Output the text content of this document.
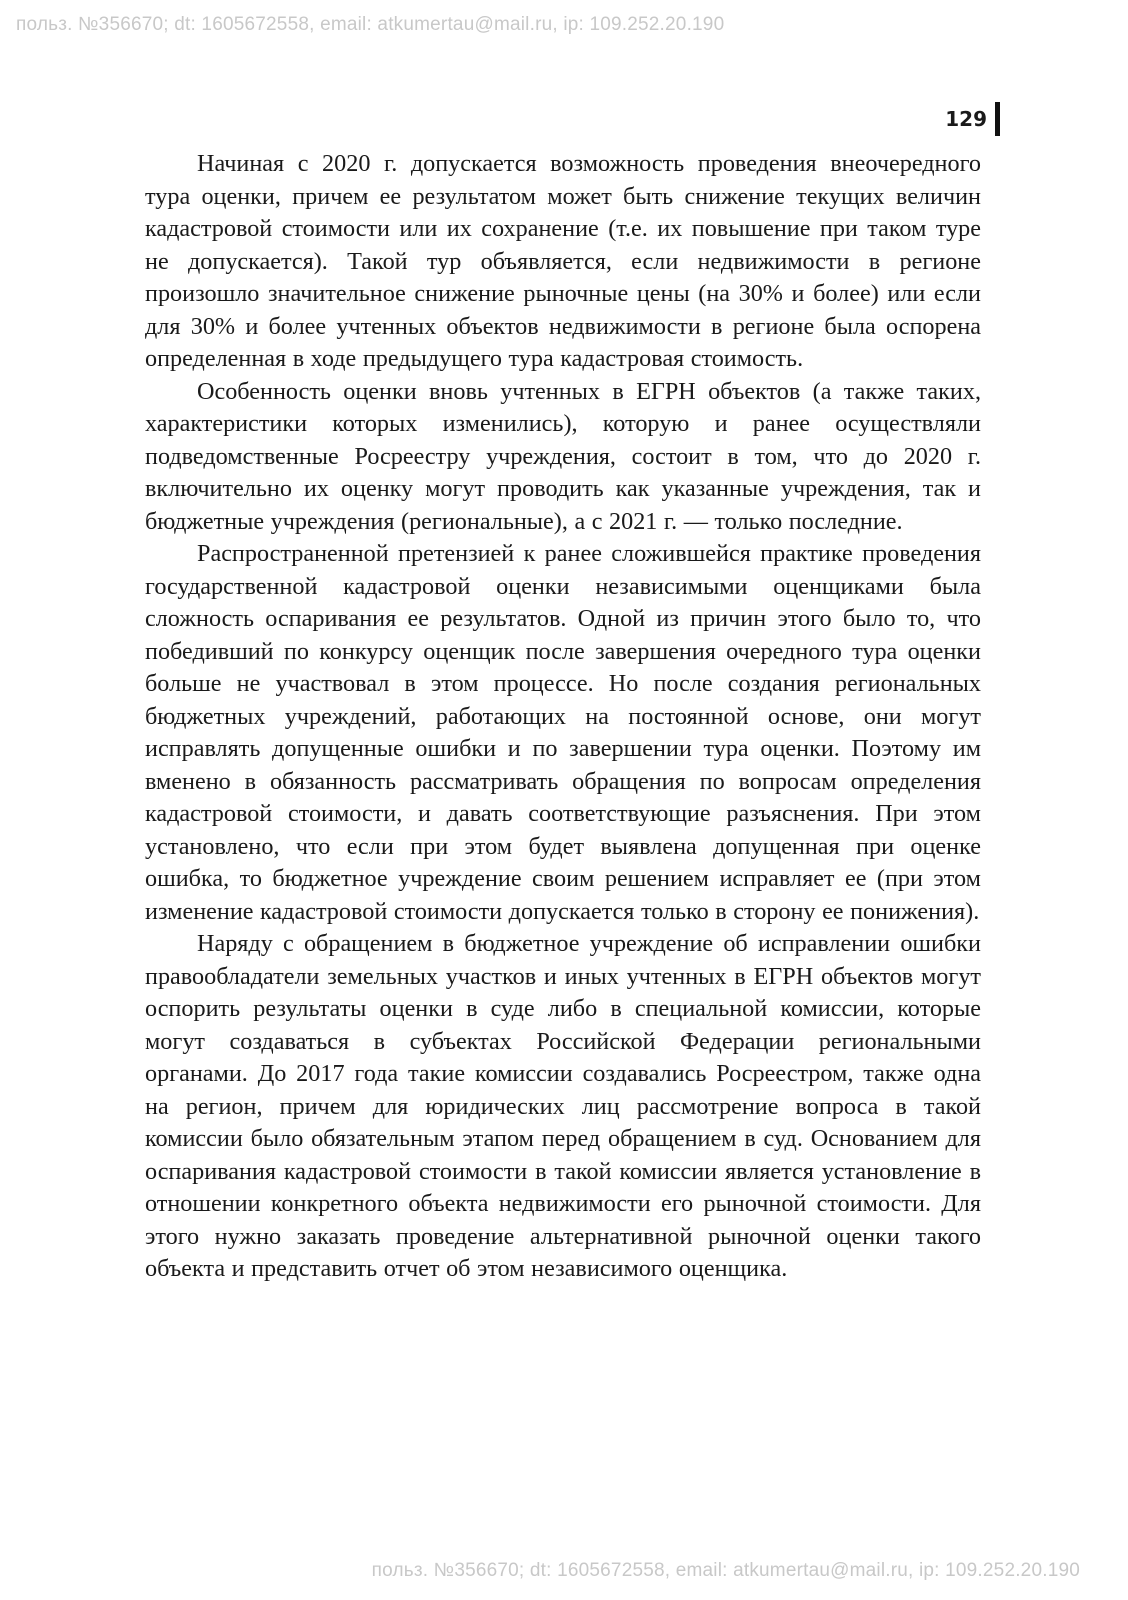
польз. №356670; dt: 1605672558, email: atkumertau@mail.ru, ip: 109.252.20.190
129

Начиная с 2020 г. допускается возможность проведения внеочередного тура оценки, причем ее результатом может быть снижение текущих величин кадастровой стоимости или их сохранение (т.е. их повышение при таком туре не допускается). Такой тур объявляется, если недвижимости в регионе произошло значительное снижение рыночные цены (на 30% и более) или если для 30% и более учтенных объектов недвижимости в регионе была оспорена определенная в ходе предыдущего тура кадастровая стоимость.

Особенность оценки вновь учтенных в ЕГРН объектов (а также таких, характеристики которых изменились), которую и ранее осуществляли подведомственные Росреестру учреждения, состоит в том, что до 2020 г. включительно их оценку могут проводить как указанные учреждения, так и бюджетные учреждения (региональные), а с 2021 г. — только последние.

Распространенной претензией к ранее сложившейся практике проведения государственной кадастровой оценки независимыми оценщиками была сложность оспаривания ее результатов. Одной из причин этого было то, что победивший по конкурсу оценщик после завершения очередного тура оценки больше не участвовал в этом процессе. Но после создания региональных бюджетных учреждений, работающих на постоянной основе, они могут исправлять допущенные ошибки и по завершении тура оценки. Поэтому им вменено в обязанность рассматривать обращения по вопросам определения кадастровой стоимости, и давать соответствующие разъяснения. При этом установлено, что если при этом будет выявлена допущенная при оценке ошибка, то бюджетное учреждение своим решением исправляет ее (при этом изменение кадастровой стоимости допускается только в сторону ее понижения).

Наряду с обращением в бюджетное учреждение об исправлении ошибки правообладатели земельных участков и иных учтенных в ЕГРН объектов могут оспорить результаты оценки в суде либо в специальной комиссии, которые могут создаваться в субъектах Российской Федерации региональными органами. До 2017 года такие комиссии создавались Росреестром, также одна на регион, причем для юридических лиц рассмотрение вопроса в такой комиссии было обязательным этапом перед обращением в суд. Основанием для оспаривания кадастровой стоимости в такой комиссии является установление в отношении конкретного объекта недвижимости его рыночной стоимости. Для этого нужно заказать проведение альтернативной рыночной оценки такого объекта и представить отчет об этом независимого оценщика.

польз. №356670; dt: 1605672558, email: atkumertau@mail.ru, ip: 109.252.20.190
